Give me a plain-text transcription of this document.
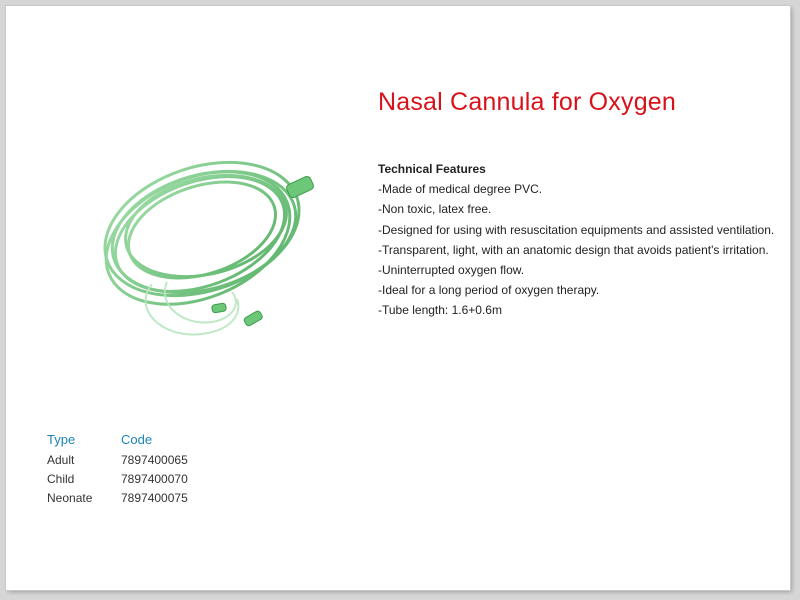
Nasal Cannula for Oxygen
Technical Features
-Made of medical degree PVC.
-Non toxic, latex free.
-Designed for using with resuscitation equipments and assisted ventilation.
-Transparent, light, with an anatomic design that avoids patient's irritation.
-Uninterrupted oxygen flow.
-Ideal for a long period of oxygen therapy.
-Tube length: 1.6+0.6m
Type	Code
Adult	7897400065
Child	7897400070
Neonate	7897400075
